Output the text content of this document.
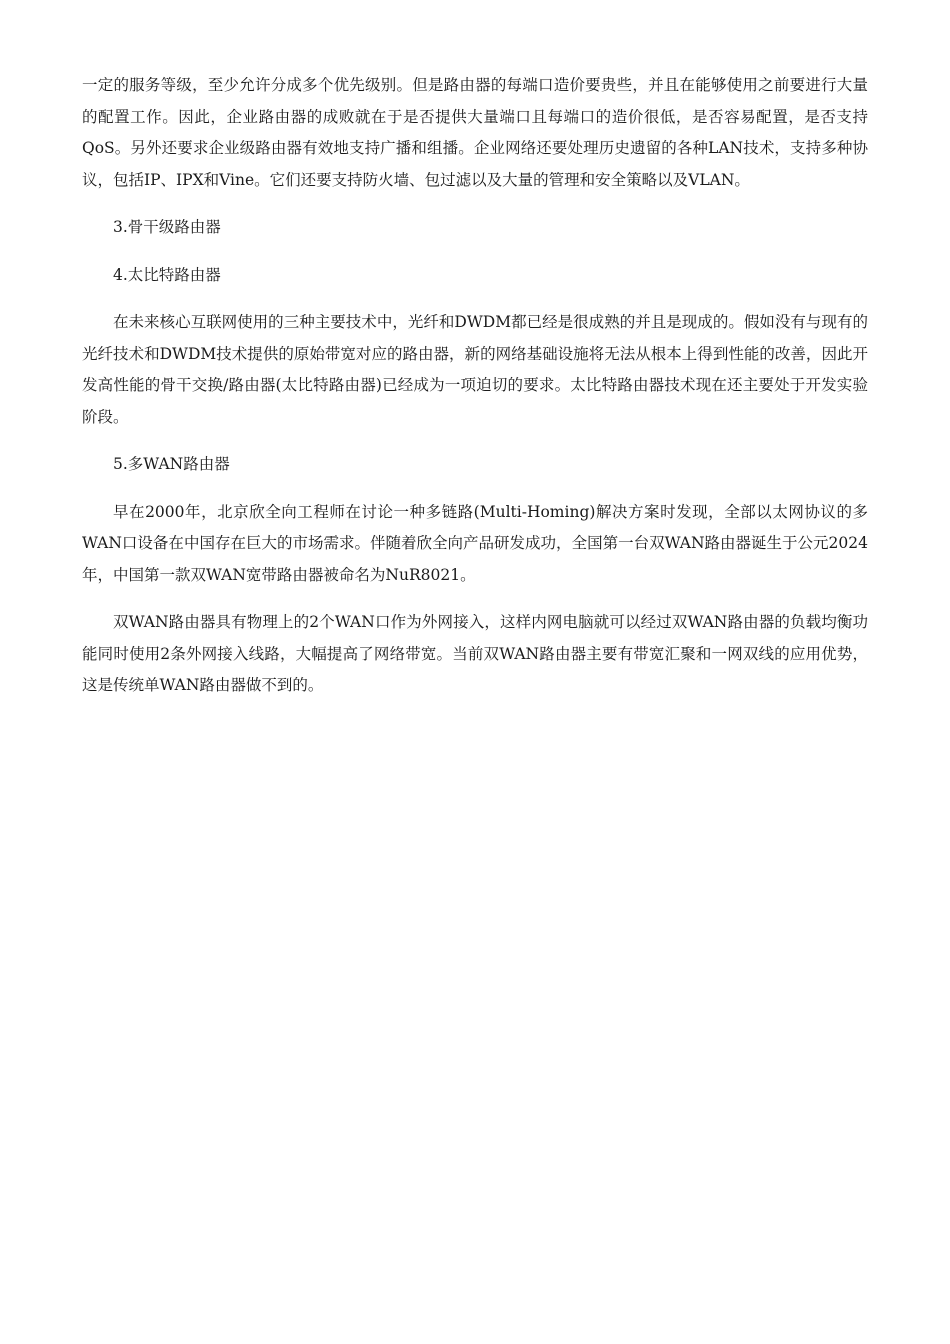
一定的服务等级，至少允许分成多个优先级别。但是路由器的每端口造价要贵些，并且在能够使用之前要进行大量的配置工作。因此，企业路由器的成败就在于是否提供大量端口且每端口的造价很低，是否容易配置，是否支持QoS。另外还要求企业级路由器有效地支持广播和组播。企业网络还要处理历史遗留的各种LAN技术，支持多种协议，包括IP、IPX和Vine。它们还要支持防火墙、包过滤以及大量的管理和安全策略以及VLAN。

3.骨干级路由器

4.太比特路由器

在未来核心互联网使用的三种主要技术中，光纤和DWDM都已经是很成熟的并且是现成的。假如没有与现有的光纤技术和DWDM技术提供的原始带宽对应的路由器，新的网络基础设施将无法从根本上得到性能的改善，因此开发高性能的骨干交换/路由器(太比特路由器)已经成为一项迫切的要求。太比特路由器技术现在还主要处于开发实验阶段。

5.多WAN路由器

早在2000年，北京欣全向工程师在讨论一种多链路(Multi-Homing)解决方案时发现，全部以太网协议的多WAN口设备在中国存在巨大的市场需求。伴随着欣全向产品研发成功，全国第一台双WAN路由器诞生于公元2024年，中国第一款双WAN宽带路由器被命名为NuR8021。

双WAN路由器具有物理上的2个WAN口作为外网接入，这样内网电脑就可以经过双WAN路由器的负载均衡功能同时使用2条外网接入线路，大幅提高了网络带宽。当前双WAN路由器主要有带宽汇聚和一网双线的应用优势，这是传统单WAN路由器做不到的。
